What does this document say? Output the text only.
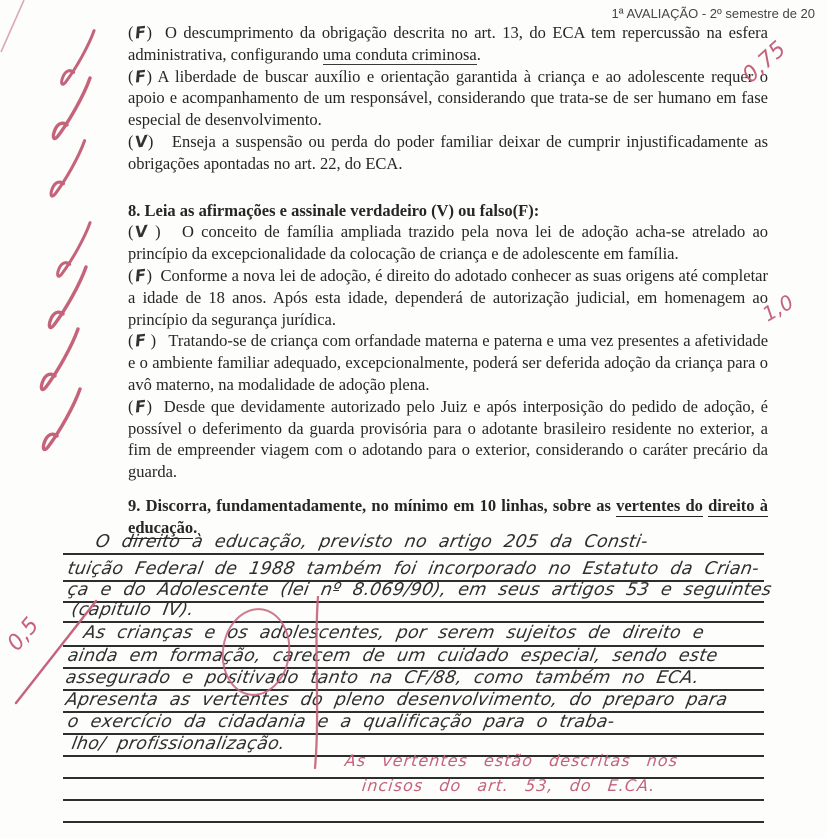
1ª AVALIAÇÃO - 2º semestre de 20

(F) O descumprimento da obrigação descrita no art. 13, do ECA tem repercussão na esfera administrativa, configurando uma conduta criminosa.

(F) A liberdade de buscar auxílio e orientação garantida à criança e ao adolescente requer o apoio e acompanhamento de um responsável, considerando que trata-se de ser humano em fase especial de desenvolvimento.

(V) Enseja a suspensão ou perda do poder familiar deixar de cumprir injustificadamente as obrigações apontadas no art. 22, do ECA.

8. Leia as afirmações e assinale verdadeiro (V) ou falso(F):

(V ) O conceito de família ampliada trazido pela nova lei de adoção acha-se atrelado ao princípio da excepcionalidade da colocação de criança e de adolescente em família.

(F) Conforme a nova lei de adoção, é direito do adotado conhecer as suas origens até completar a idade de 18 anos. Após esta idade, dependerá de autorização judicial, em homenagem ao princípio da segurança jurídica.

(F ) Tratando-se de criança com orfandade materna e paterna e uma vez presentes a afetividade e o ambiente familiar adequado, excepcionalmente, poderá ser deferida adoção da criança para o avô materno, na modalidade de adoção plena.

(F) Desde que devidamente autorizado pelo Juiz e após interposição do pedido de adoção, é possível o deferimento da guarda provisória para o adotante brasileiro residente no exterior, a fim de empreender viagem com o adotando para o exterior, considerando o caráter precário da guarda.

9. Discorra, fundamentadamente, no mínimo em 10 linhas, sobre as vertentes do direito à educação.

O direito à educação, previsto no artigo 205 da Consti-
tuição Federal de 1988 também foi incorporado no Estatuto da Crian-
ça e do Adolescente (lei nº 8.069/90), em seus artigos 53 e seguintes
(capítulo IV).
As crianças e os adolescentes, por serem sujeitos de direito e
ainda em formação, carecem de um cuidado especial, sendo este
assegurado e positivado tanto na CF/88, como também no ECA.
Apresenta as vertentes do pleno desenvolvimento, do preparo para
o exercício da cidadania e a qualificação para o traba-
lho/ profissionalização.
0,75
1,0
0,5
As vertentes estão descritas nos
incisos do art. 53, do E.CA.
